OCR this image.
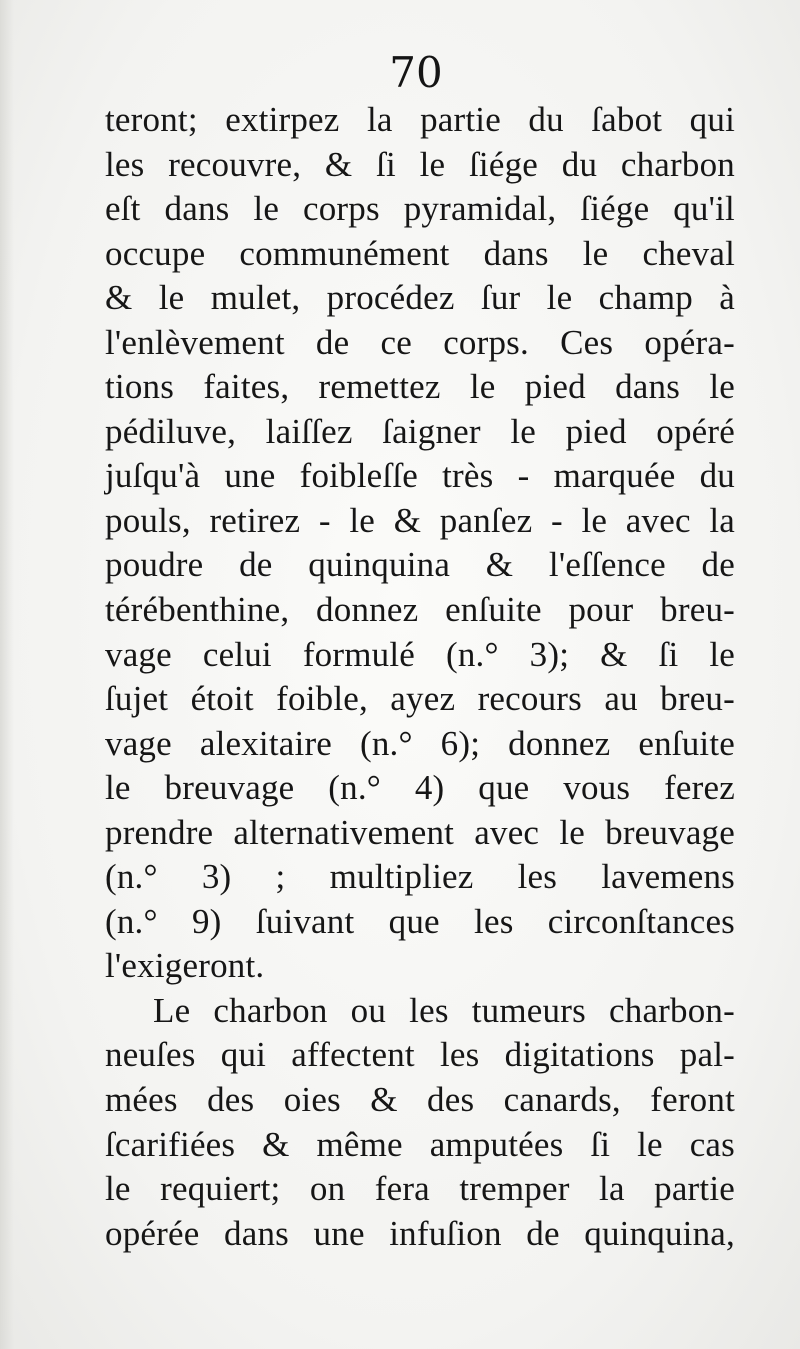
70
teront; extirpez la partie du ſabot qui
les recouvre, & ſi le ſiége du charbon
eſt dans le corps pyramidal, ſiége qu'il
occupe communément dans le cheval
& le mulet, procédez ſur le champ à
l'enlèvement de ce corps. Ces opéra-
tions faites, remettez le pied dans le
pédiluve, laiſſez ſaigner le pied opéré
juſqu'à une foibleſſe très - marquée du
pouls, retirez - le & panſez - le avec la
poudre de quinquina & l'eſſence de
térébenthine, donnez enſuite pour breu-
vage celui formulé (n.° 3); & ſi le
ſujet étoit foible, ayez recours au breu-
vage alexitaire (n.° 6); donnez enſuite
le breuvage (n.° 4) que vous ferez
prendre alternativement avec le breuvage
(n.° 3) ; multipliez les lavemens
(n.° 9) ſuivant que les circonſtances
l'exigeront.
Le charbon ou les tumeurs charbon-
neuſes qui affectent les digitations pal-
mées des oies & des canards, feront
ſcarifiées & même amputées ſi le cas
le requiert; on fera tremper la partie
opérée dans une infuſion de quinquina,
